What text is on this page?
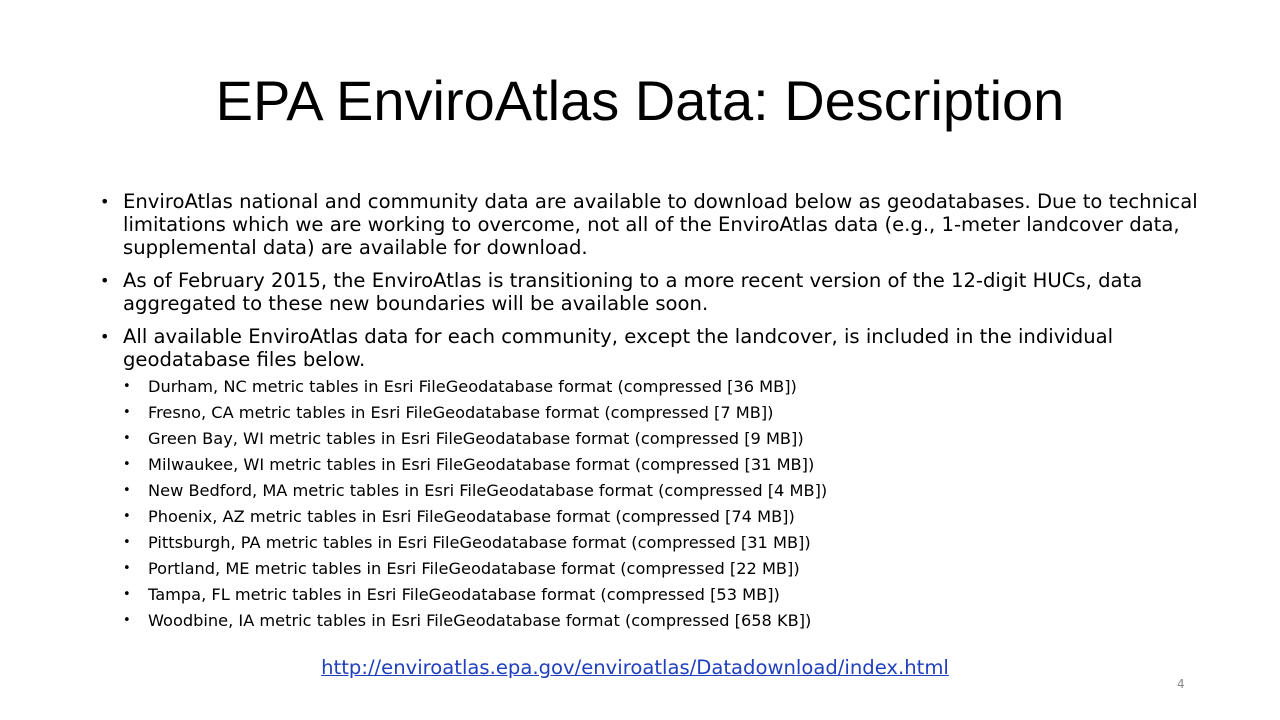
EPA EnviroAtlas Data: Description
• EnviroAtlas national and community data are available to download below as geodatabases. Due to technical limitations which we are working to overcome, not all of the EnviroAtlas data (e.g., 1-meter landcover data, supplemental data) are available for download.
• As of February 2015, the EnviroAtlas is transitioning to a more recent version of the 12-digit HUCs, data aggregated to these new boundaries will be available soon.
• All available EnviroAtlas data for each community, except the landcover, is included in the individual geodatabase files below.
• Durham, NC metric tables in Esri FileGeodatabase format (compressed [36 MB])
• Fresno, CA metric tables in Esri FileGeodatabase format (compressed [7 MB])
• Green Bay, WI metric tables in Esri FileGeodatabase format (compressed [9 MB])
• Milwaukee, WI metric tables in Esri FileGeodatabase format (compressed [31 MB])
• New Bedford, MA metric tables in Esri FileGeodatabase format (compressed [4 MB])
• Phoenix, AZ metric tables in Esri FileGeodatabase format (compressed [74 MB])
• Pittsburgh, PA metric tables in Esri FileGeodatabase format (compressed [31 MB])
• Portland, ME metric tables in Esri FileGeodatabase format (compressed [22 MB])
• Tampa, FL metric tables in Esri FileGeodatabase format (compressed [53 MB])
• Woodbine, IA metric tables in Esri FileGeodatabase format (compressed [658 KB])
http://enviroatlas.epa.gov/enviroatlas/Datadownload/index.html
4
